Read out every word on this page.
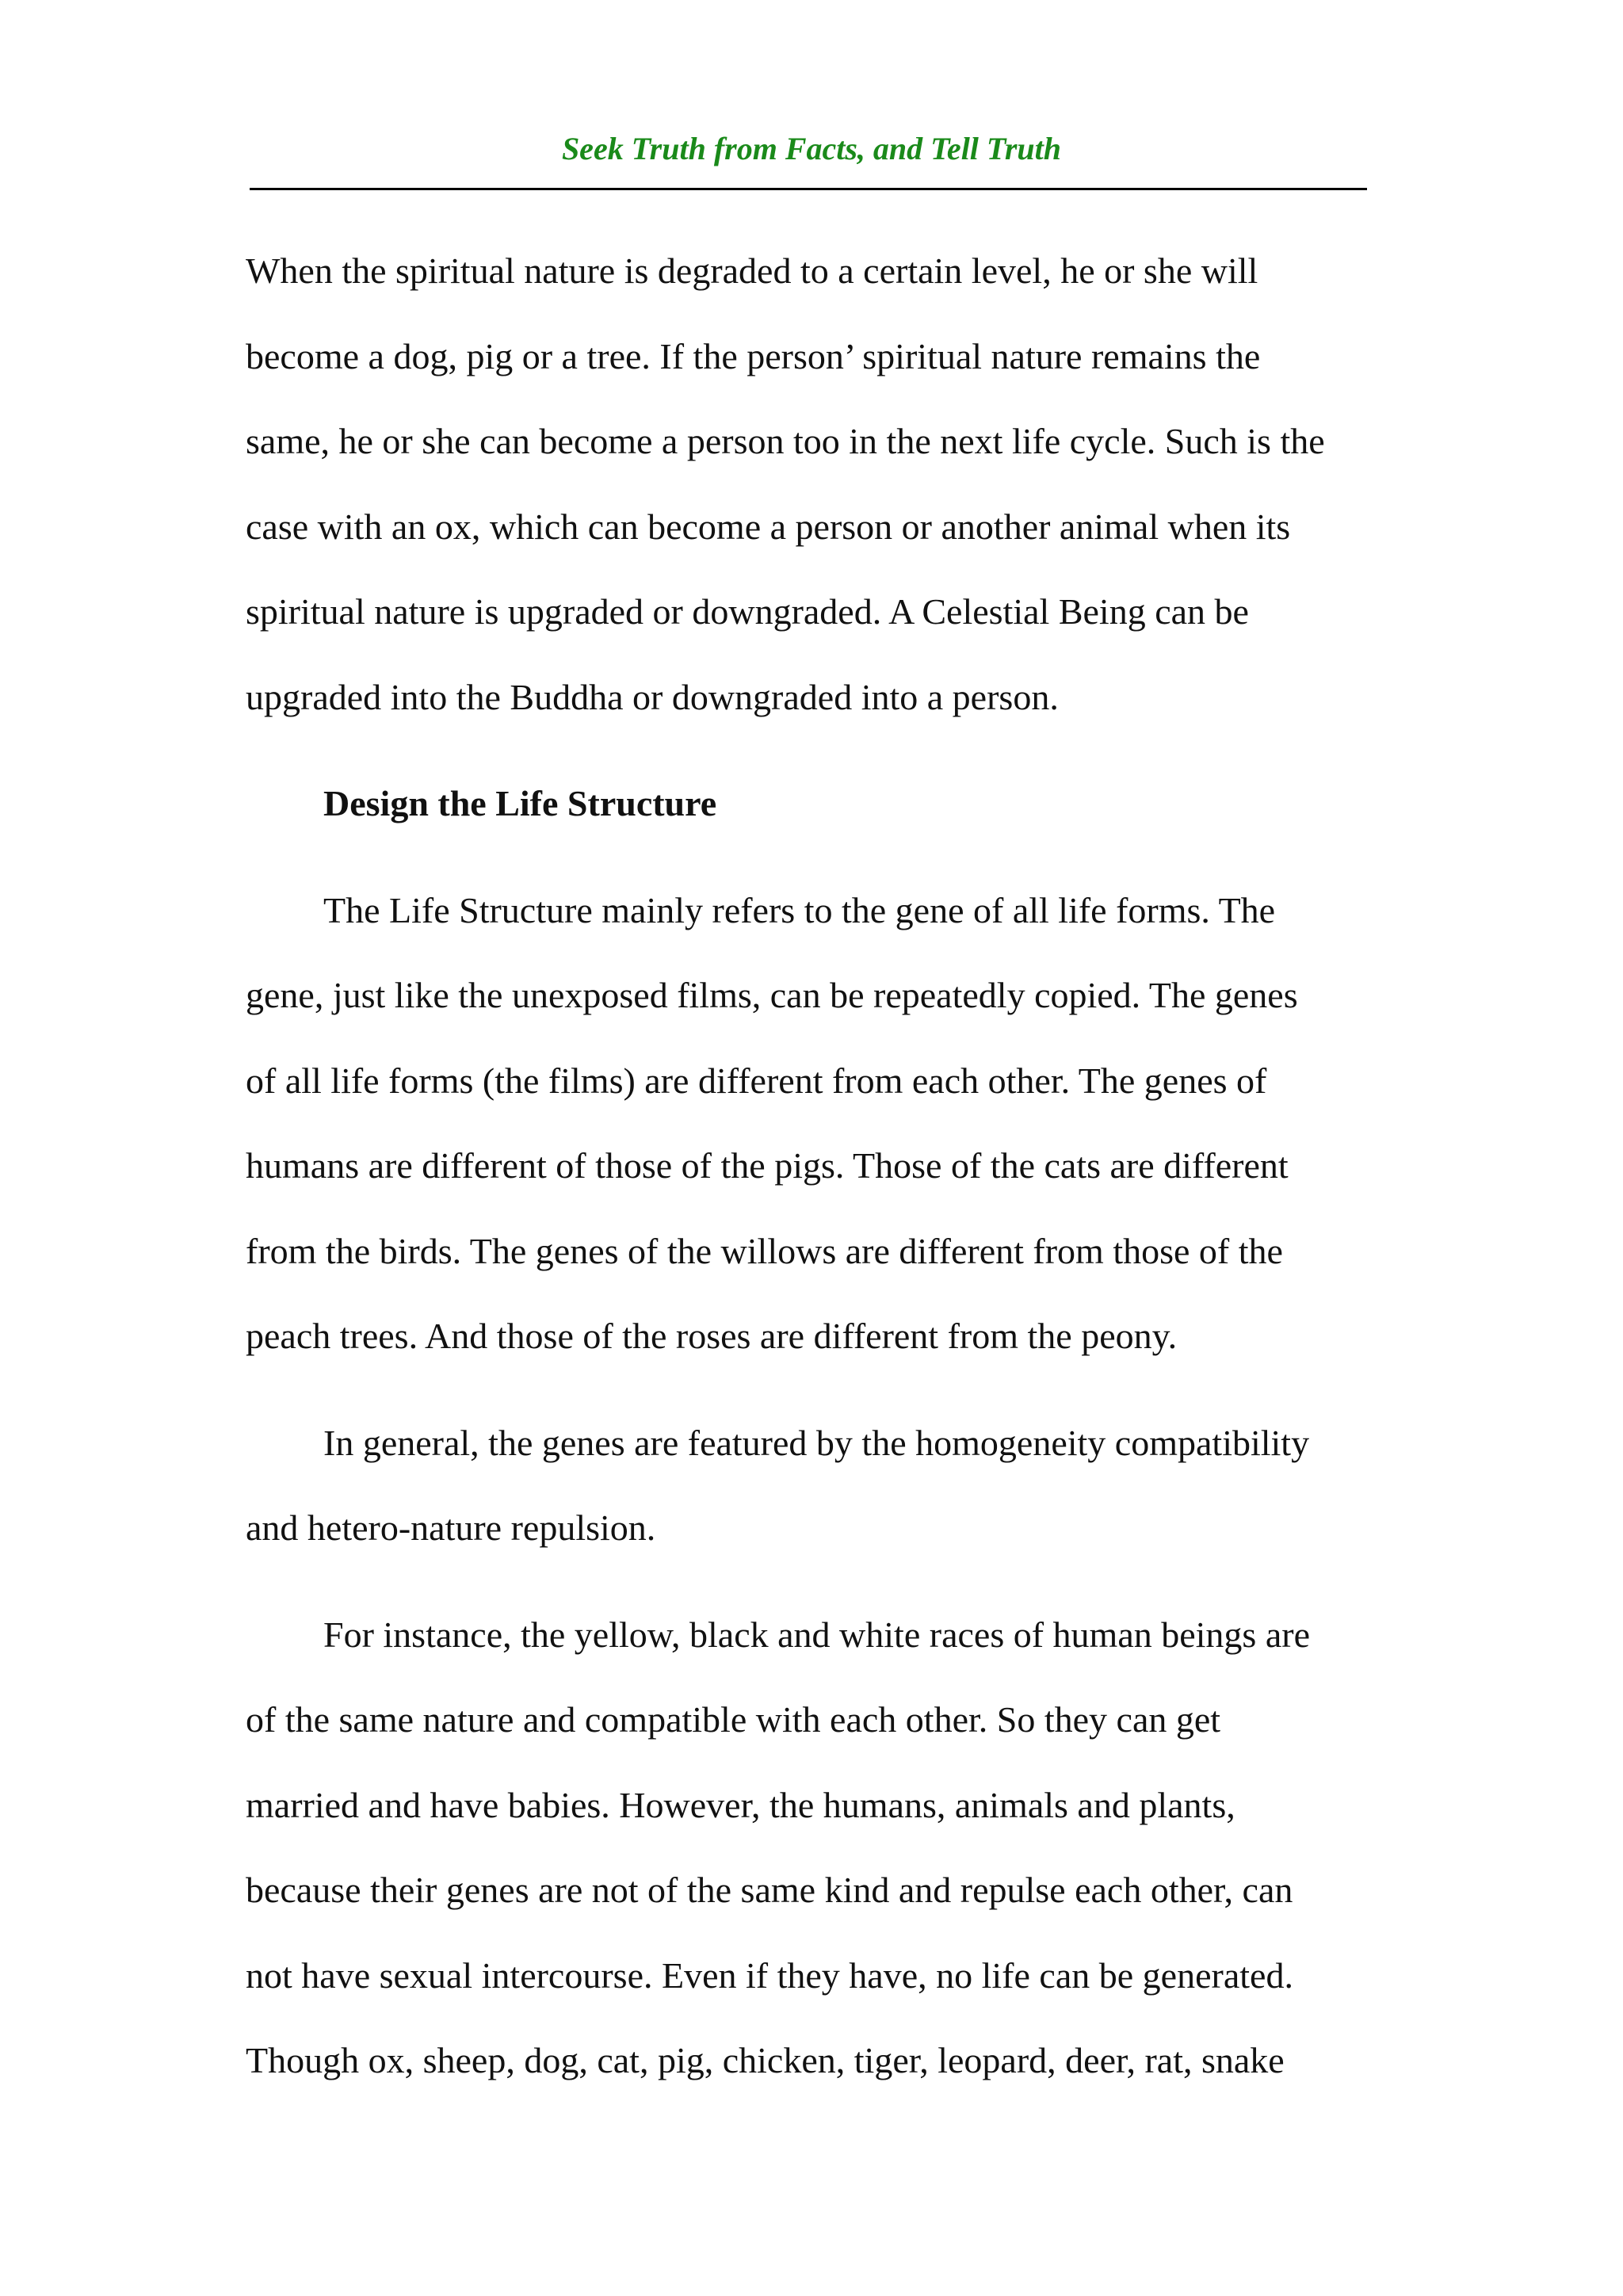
Seek Truth from Facts, and Tell Truth

When the spiritual nature is degraded to a certain level, he or she will
become a dog, pig or a tree. If the person’ spiritual nature remains the
same, he or she can become a person too in the next life cycle. Such is the
case with an ox, which can become a person or another animal when its
spiritual nature is upgraded or downgraded. A Celestial Being can be
upgraded into the Buddha or downgraded into a person.

Design the Life Structure

The Life Structure mainly refers to the gene of all life forms. The
gene, just like the unexposed films, can be repeatedly copied. The genes
of all life forms (the films) are different from each other. The genes of
humans are different of those of the pigs. Those of the cats are different
from the birds. The genes of the willows are different from those of the
peach trees. And those of the roses are different from the peony.

In general, the genes are featured by the homogeneity compatibility
and hetero-nature repulsion.

For instance, the yellow, black and white races of human beings are
of the same nature and compatible with each other. So they can get
married and have babies. However, the humans, animals and plants,
because their genes are not of the same kind and repulse each other, can
not have sexual intercourse. Even if they have, no life can be generated.
Though ox, sheep, dog, cat, pig, chicken, tiger, leopard, deer, rat, snake
